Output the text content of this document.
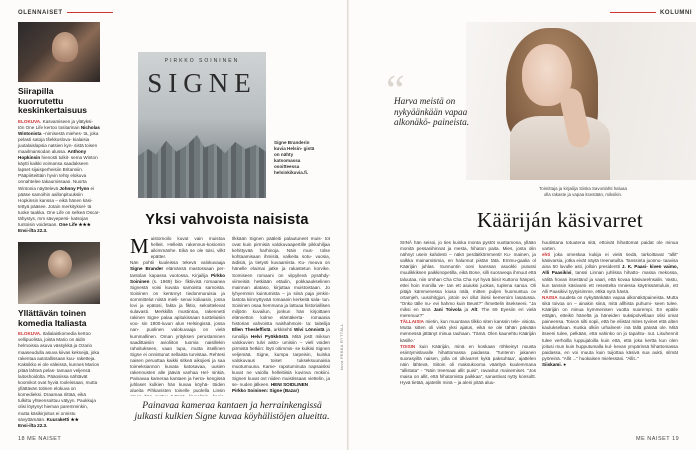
OLENNAISET	KOLUMNI
18 ME NAISET	ME NAISET 19
Siirapilla kuorrutettu keskinkertaisuus
ELOKUVA. Kasvamiseen ja ylätyksi- tön One Life kertoo tositarinan Nicholas Wintonista –nimisestä miehes- tä, joka pelasti satoja tšekkoslova- kialaisia juutalaislapsia natsien kyn- sistä toisen maailmansodan alussa. Anthony Hopkinsin hienosti tulkit- sema Winton käytti kaikki voimansa saadakseen lapset sijaisperheisiin Britanniin. Pääpiirteittäin hyvin tehty elokuva onnahtelee takaumissaan. Nuorta Wintonia näyttelevä Johnny Flynn ei pääse samoihin aallonpituuksiin Hopkinsin kanssa – eikä hänen käsi- tettyä pääsee. Jotain merkityksel- tä tuoke taakka. One Life on selkeä Oscar-tähystys, mm sävyepersi- katsojan tuntoisin voidetaan. One Life ★★★
Ensi-ilta 22.3.
Yllättävän toinen komedia Italiasta
ELOKUVA. Italialaiskomedia kertoo vellipuolista, joista Mario on äidin helmoissa asuva vässykkä ja Ozario maaseudulla asuva kiivas kekseijä, joka rakentaa autotallissaan kuu- raketteja. Kaksikko ei ole väleissä, kunnes Marion pitää lähteä pelas- tamaan veljensä laitoshoidolta. Pääosissa nähtävät koomikot ovat hyviä rooleissaan, mutta yllättävän totinen elokuva on komedieksi. Draamaa riittää, eikä tulkittu yhteensoittuu vätyyn. Paukkuja olisi löytynyt hieman paremminkin, mutta käsikirjoitus ei onnistu sävyttämään. Kuuraketti ★★
Ensi-ilta 22.3.
PIRKKO SOININEN
SIGNE
Signe Branderin kuvia Helsin- gistä on nähty katsomassa osoitteessa helsinkikuvia.fi.
Yksi vahvoista naisista
Muistomoilo kuvat vain muistoa helleit. Helleitä rakennun-kosiomin aikimmänhe. Eikä se ole toisi, vilkt epätter.
Nän pohtii kuuleissa tekevä valokuvaaja Signe Brander elämänsä mastossaan per- tantolan kapassa vuotossa. Kirjailija Pirkko Soininen (s. 1969) bio- fiktiivisä romaanea Signestä voisi kuvata samoista samoista. Soininen on kerännyt tiedonmuruisia ja sommittelut niistä mieli- senai koliaasin, jossa lovi ja epätosi, fakta ja fiktio, sekoittelevat sulavasti. Merkkillä mustintoa, rakennetti rakinen Signe palaa apitukissaan tuottelaisiin voo- sin 1900-luvun alun Helsingissä, jossa nan- puolinen valokuvaaja on vielä kummallinen. Oman yrityksen perustaminen saadittaisiin avioliiton tuomia naisillekin rahoitukseen, vaan tupa, mutta itsellinen Signe ei onnistunut sellaista turvistaa. Rehtesi naisen peruuttaa kaikki sitkeä aikojiesi ja saa toimeksiannon kuvata katosavaa, uusien rakennusten alle jääviä vanhaa Hel- sinkiä. Painavaa kameraa kantaen ja herra- kengissä juhlaset kulkien hän kuvaa köyhä- töiden alueita Pihkanisten toinelle puolella Linsin
Ilkkään Signen pääleiti palautuneet muis- tot ovat kuin pirmisiä valokuvaapertille pikkuhiljaa kehittyvää harhinoja. Näin mus- tolse kohtaamisaan ihmisiä, valkeita sotu- vuosia, äidisiä, ja tietysti kuvaamista. Ku- meuva on hänelle elaimai jatke ja rakastetun korvike. Somiseen romaani on viipyilevä pysähdy- viimeisiä hetkiään etäulin, pokkaaukselinen mainnan alataso, kirjuttaa muistoistaan. Jo lyhyemmin kuintumista – ja siinä paja jenkin- lastota kiinnyttyvää romaanin kerkeitä sala- tun. Soininen osaa hemmana ja lattuaa historiallisen miljöön kuvailun, jonkun hän kirjoittaen elännetton kolme elämäkerta- romaania historian vahvoista naishahmois- ta: taiteilija Ellen Thesleffistä, arkkitehti Wivi Lönnistä ja runoilija Helvi Pyökköstä. Mitä jostt miksun valokuvien tulvi aisto- umisiin – vieli voiden pirmistä hetkiin: löyti oitimmis- se kulkisi Signen veljemää. Signe, kumpa tarpeisin, kuinka valokuvaus toiset tukseksuunaisia muotumuuna. Kame- rapotuminuta napsaisksi kuvat ne vaiolla helleitiisiä kuvinva mokiini. Signen kuvat ovt niiden muistissaan viettelin, ja se- nuden jälkeen. HENI SOIDLINEN
Pirkko Soininen: Signe (Bazar)
Painavaa kameraa kantaen ja herrainkengissä julkasti kulkien Signe kuvaa köyhälistöjen alueitta.
kuva PEKKA RYTTÄLL
“
Harva meistä on nykyäänkään vapaa alkonäkö- paineista.
Toimittaja ja kirjailija Siiska Savonlahti haluaa olla rakaste ja vapaa itsestään, miksikin.
Kääriján käsivarret
SIINÄ hän seisoi, jo ties kuinka monta pystöt vuottamona, yllään monitä pessanihinnat ja mesta, hihaton paita. Mies, josta olin nähnyt usein kahdesti – näkö perdäitkömmenti! Ku- mainen, ja valkka mainamisimia, en halunnut pistän tätä. Emmu-gaalia ol Kääriján juhlas. Sunnuntin ooni kanssan asuokki putussi muulikkiksen paikkinopetilla, eikä Bone, silli suoraveqa ihmuut että taluutaa, niin omhan Cha Cha Cha nyt hyvä biisi! Kuttono hänpeti, ettei hoin monilla ve- tan ett aiuiuksi juokas, tuplena sanoa. Oli pitäjä kämmenessa kiusa nälä, mitten puljen huomuntua ov ortamjeh, uusohitgjun, jotoin ovi ollut iloisii kemeroim lasatussa. "Onko tälle nu- evi hahmo kuin Beust?" ihmettelin itsekseeni. "Ja miksi en tänä Jani Toivola ja Alt. The 69 Eyesiin eri vielä merenuur?"
TÄLLAISIA mietin, kun muuntana tilkko siten kanssin tele- visiota. Mutta sitten oli vielä yksi ajatus, eikä se ole tähän päivään mennessä jättänyt minua rauhaan. 'Tämä. Olen kaunehtu Kääriján käsille.'
TOISIN kuin Kääriján, minä en koskaan röhkeinyt nousta esiintymislavalle hihattomassa paidassa. 'Tuntenm jakanen suorasyillä naisen, jolla ori olkivarret kykä paksuhtaa', ajattelen näin lähtevä. Siitoin oli maksukooma väärityä kuulemmana "allistata" - "Näin treemaat allit puisi", ravavitut mainemiset. "Jos maisa on allit, että hihatomista paikkaa", sanastivat nytty konsultt. Hyvä tietää, ajatetiln minä – ja aleni pitää aluu-
huutistana totuutena sitä, ettoivät hihattomat paidat ole minua varten.
ehti joka omeskaa kukija ei vielä tiedä, tarkoittavat "allit" käsivarsia, jotka eivät näytä treenatuilta. Tanssinta juonnu- taavisa aina 50 luvulle asti, jolloin presidentti J. K. Paasi- kiven vaimo, Alli Paasikivi, tanssi Linnan juhlissa hihatto- massa mekossa, välitä hovan itseständ ja vaari, että kovaa käsivarelnsalin. Vastu, kun tanssin käsivarsi ett resestelta Inniessa käytrissäntuluin, ett Alli Paasikivi tyytyisimme, ettkä nyrä hävtä.
NAISIA suudeta on nykyäänkään vapaa alkonäköpaineista. Mutta sikä toivoa on – ainakin siinä, mitä allhista puhumi- seen tulee. Kääriján on minua kymmenisen vuotta nuorempi. En epäile ettäjän, etteikö häneltä ja häneiden suksipolvellaan olisi omat paineensa. Toivon silti sopii, että he eliistat mites tyvinet että alten kauluksellaan. Kuska olkiin urhalnent- inä tällä päivää ole. Mitä itseeni tulee, pelkään, että vahinko on jo tapahtu- nut. Lisuhennit tulee verhoilla luppujaloilla kuin että, että joka kertta kun olen joitusi mun kuin hupputumalla kul- kevan ympärinsä hihattomassa paidassa, en voi muuta kuin tuijottaa käsivä sua aukti, silmät pyöreinä. "Allit ..." huokaisen mielessäni. "Allit.."
Siiskami. ●
